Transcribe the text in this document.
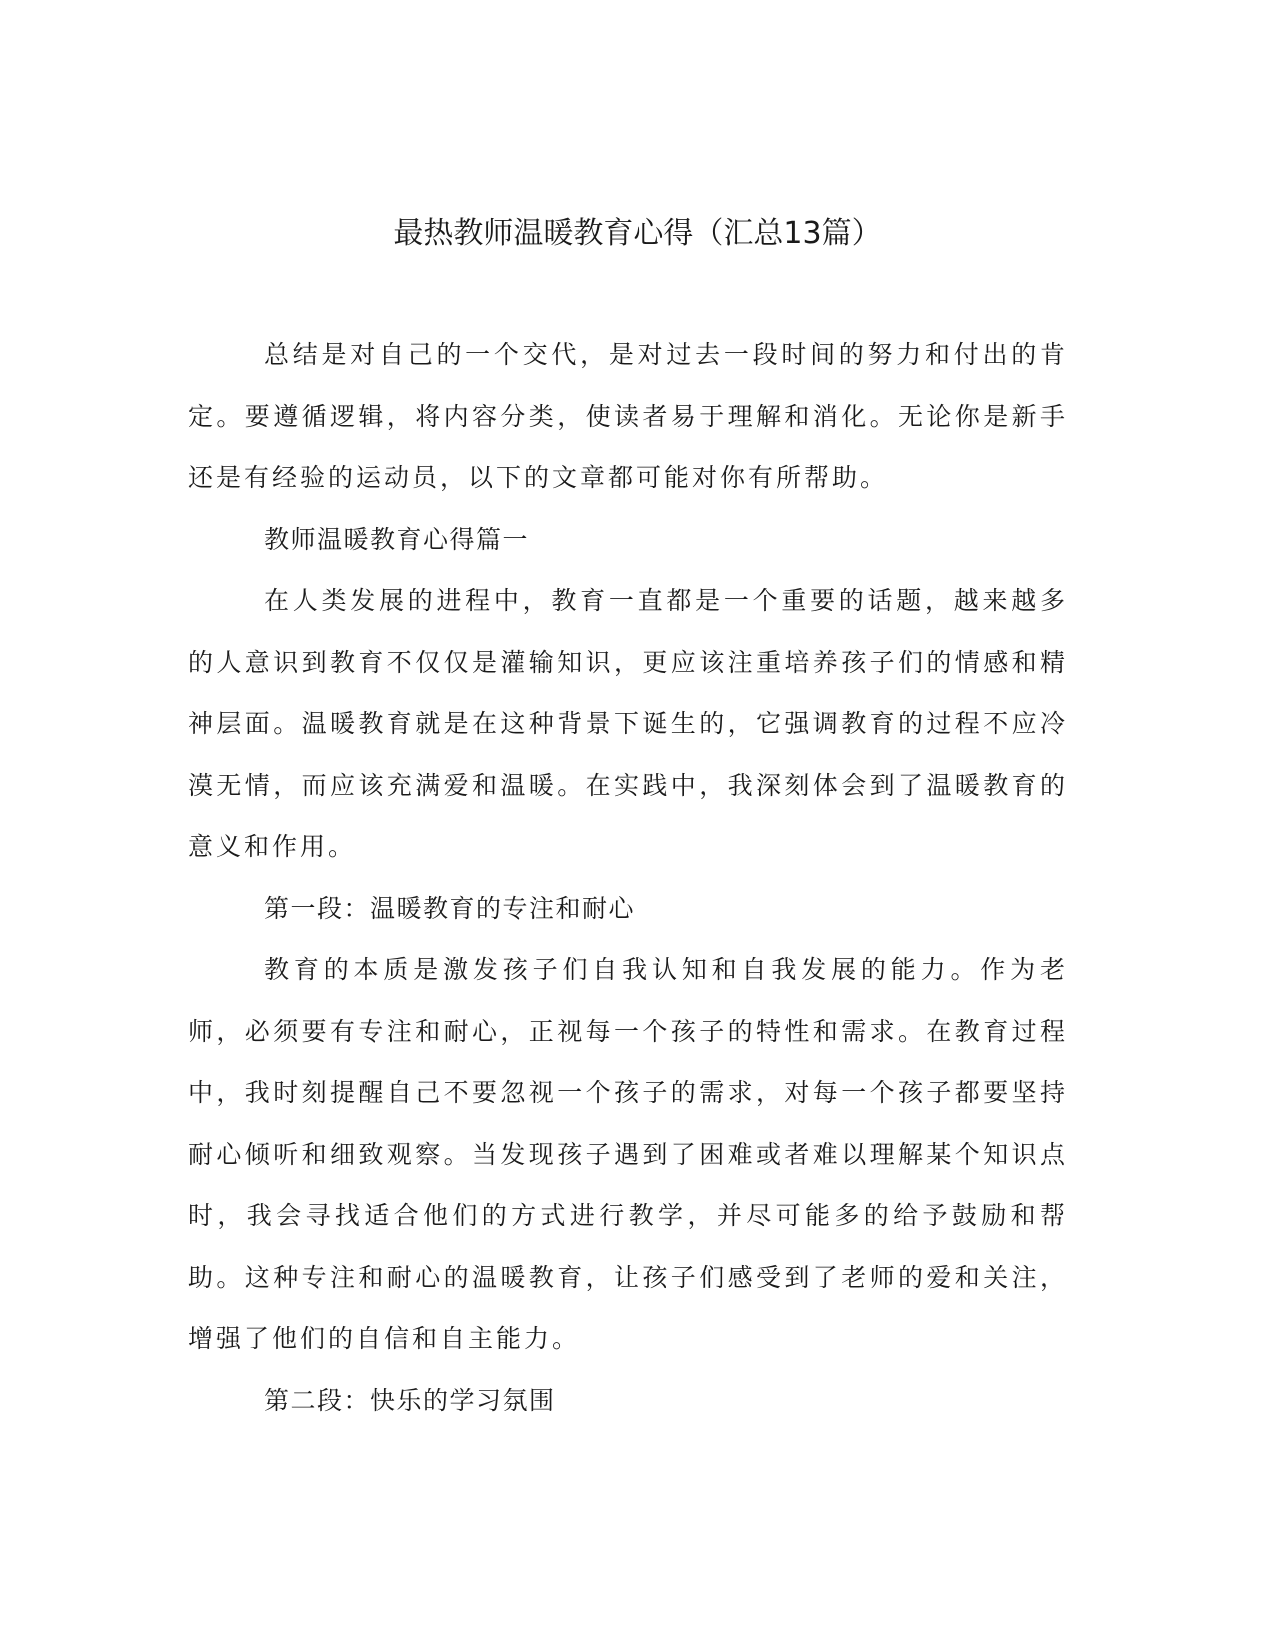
最热教师温暖教育心得（汇总13篇）

总结是对自己的一个交代，是对过去一段时间的努力和付出的肯定。要遵循逻辑，将内容分类，使读者易于理解和消化。无论你是新手还是有经验的运动员，以下的文章都可能对你有所帮助。

教师温暖教育心得篇一

在人类发展的进程中，教育一直都是一个重要的话题，越来越多的人意识到教育不仅仅是灌输知识，更应该注重培养孩子们的情感和精神层面。温暖教育就是在这种背景下诞生的，它强调教育的过程不应冷漠无情，而应该充满爱和温暖。在实践中，我深刻体会到了温暖教育的意义和作用。

第一段：温暖教育的专注和耐心

教育的本质是激发孩子们自我认知和自我发展的能力。作为老师，必须要有专注和耐心，正视每一个孩子的特性和需求。在教育过程中，我时刻提醒自己不要忽视一个孩子的需求，对每一个孩子都要坚持耐心倾听和细致观察。当发现孩子遇到了困难或者难以理解某个知识点时，我会寻找适合他们的方式进行教学，并尽可能多的给予鼓励和帮助。这种专注和耐心的温暖教育，让孩子们感受到了老师的爱和关注，增强了他们的自信和自主能力。

第二段：快乐的学习氛围
